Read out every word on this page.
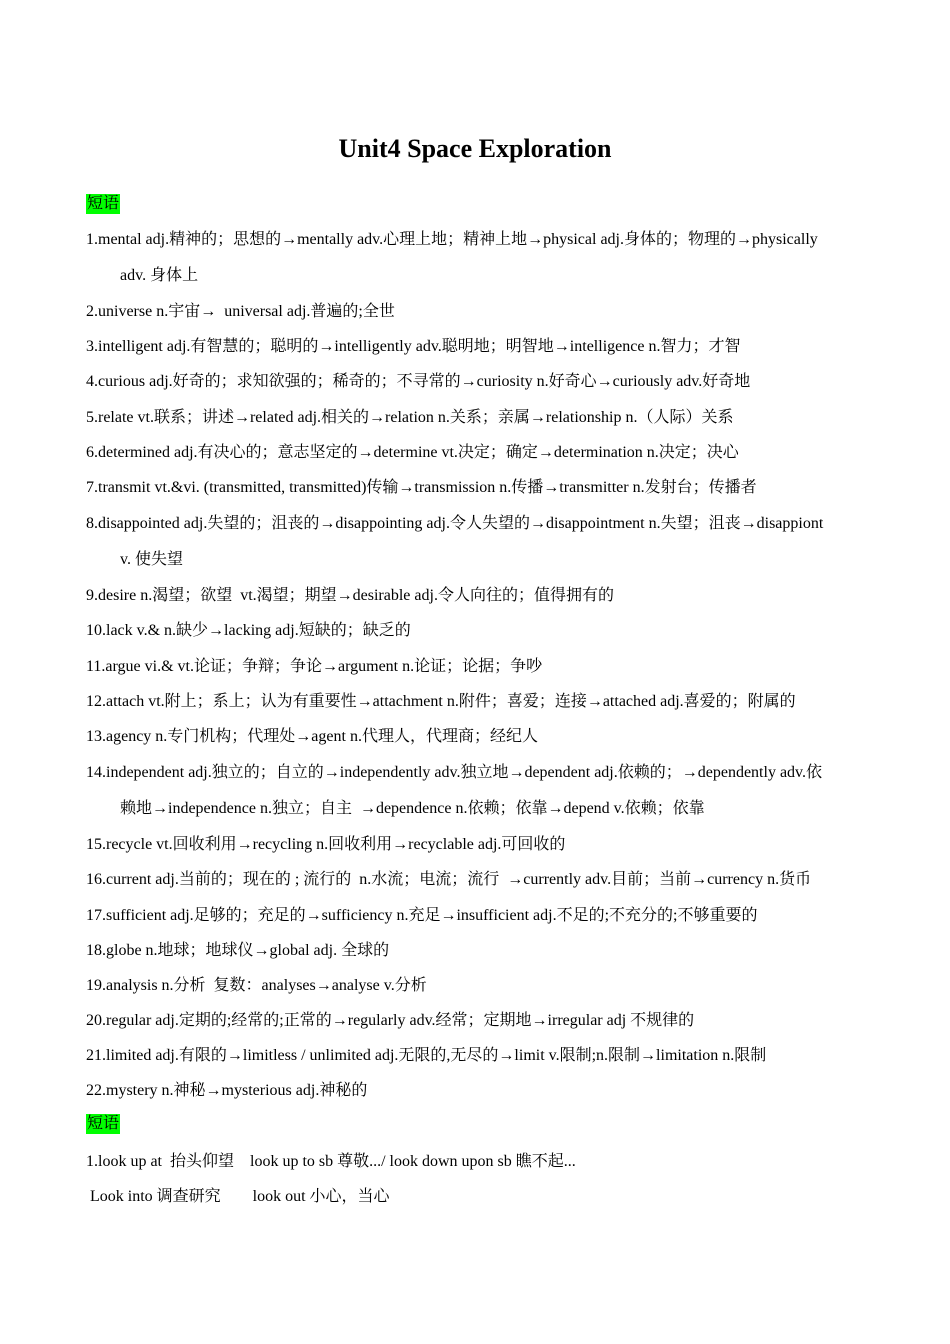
Unit4 Space Exploration
短语
1.mental adj.精神的；思想的→mentally adv.心理上地；精神上地→physical adj.身体的；物理的→physically
adv. 身体上
2.universe n.宇宙→  universal adj.普遍的;全世
3.intelligent adj.有智慧的；聪明的→intelligently adv.聪明地；明智地→intelligence n.智力；才智
4.curious adj.好奇的；求知欲强的；稀奇的；不寻常的→curiosity n.好奇心→curiously adv.好奇地
5.relate vt.联系；讲述→related adj.相关的→relation n.关系；亲属→relationship n.（人际）关系
6.determined adj.有决心的；意志坚定的→determine vt.决定；确定→determination n.决定；决心
7.transmit vt.&vi. (transmitted, transmitted)传输→transmission n.传播→transmitter n.发射台；传播者
8.disappointed adj.失望的；沮丧的→disappointing adj.令人失望的→disappointment n.失望；沮丧→disappiont
v. 使失望
9.desire n.渴望；欲望  vt.渴望；期望→desirable adj.令人向往的；值得拥有的
10.lack v.& n.缺少→lacking adj.短缺的；缺乏的
11.argue vi.& vt.论证；争辩；争论→argument n.论证；论据；争吵
12.attach vt.附上；系上；认为有重要性→attachment n.附件；喜爱；连接→attached adj.喜爱的；附属的
13.agency n.专门机构；代理处→agent n.代理人，代理商；经纪人
14.independent adj.独立的；自立的→independently adv.独立地→dependent adj.依赖的；→dependently adv.依
赖地→independence n.独立；自主  →dependence n.依赖；依靠→depend v.依赖；依靠
15.recycle vt.回收利用→recycling n.回收利用→recyclable adj.可回收的
16.current adj.当前的；现在的 ; 流行的  n.水流；电流；流行  →currently adv.目前；当前→currency n.货币
17.sufficient adj.足够的；充足的→sufficiency n.充足→insufficient adj.不足的;不充分的;不够重要的
18.globe n.地球；地球仪→global adj. 全球的
19.analysis n.分析  复数：analyses→analyse v.分析
20.regular adj.定期的;经常的;正常的→regularly adv.经常；定期地→irregular adj 不规律的
21.limited adj.有限的→limitless / unlimited adj.无限的,无尽的→limit v.限制;n.限制→limitation n.限制
22.mystery n.神秘→mysterious adj.神秘的
短语
1.look up at  抬头仰望    look up to sb 尊敬.../ look down upon sb 瞧不起...
Look into 调查研究        look out 小心，当心
